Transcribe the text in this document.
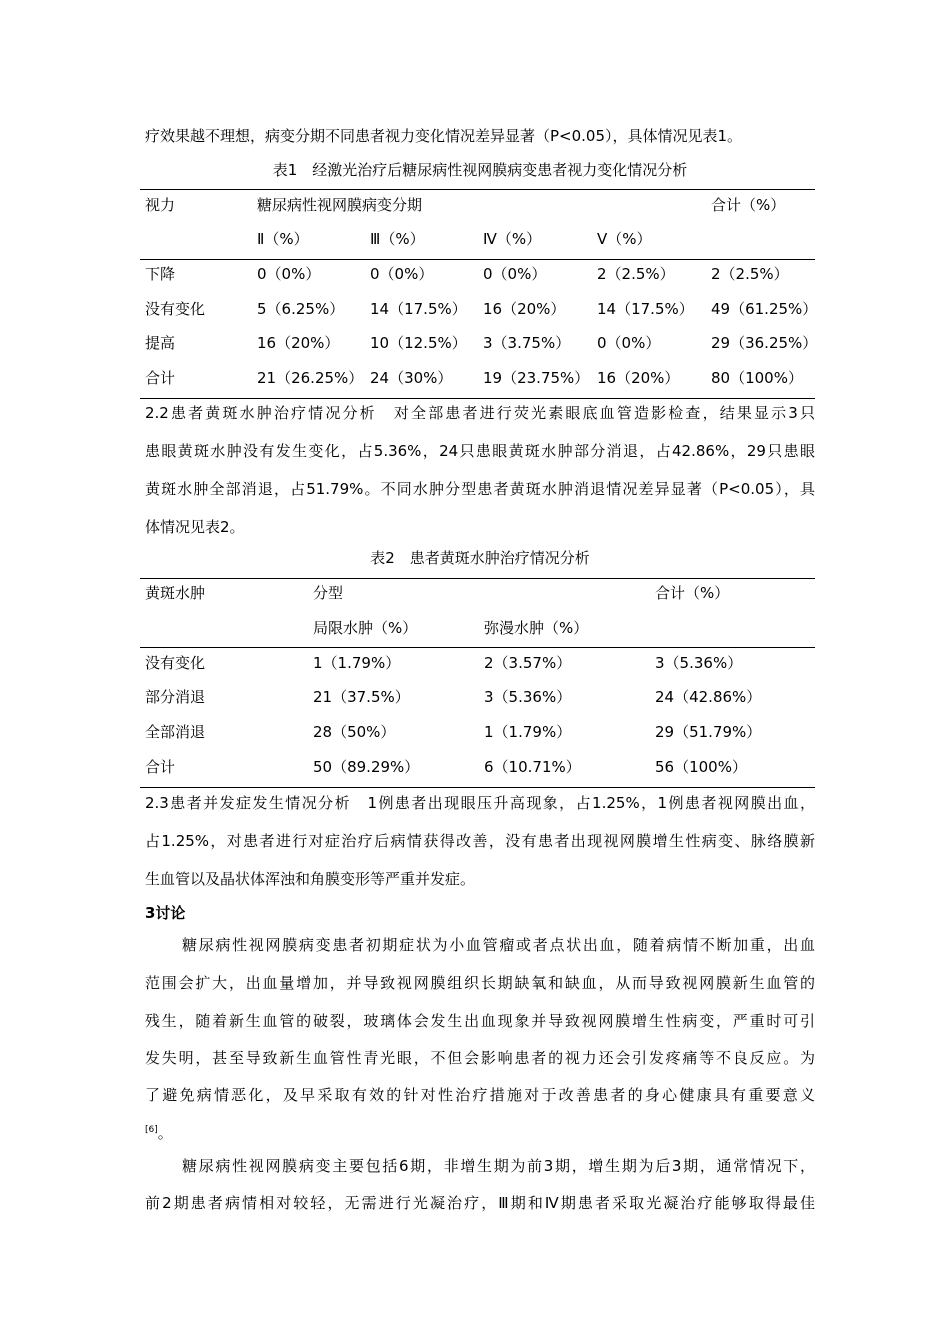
疗效果越不理想，病变分期不同患者视力变化情况差异显著（P<0.05），具体情况见表1。
表1　经激光治疗后糖尿病性视网膜病变患者视力变化情况分析
视力	糖尿病性视网膜病变分期	合计（%）
Ⅱ（%）	Ⅲ（%）	Ⅳ（%）	Ⅴ（%）
下降	0（0%）	0（0%）	0（0%）	2（2.5%） 2（2.5%）
没有变化	5（6.25%） 14（17.5%） 16（20%） 14（17.5%） 49（61.25%）
提高	16（20%） 10（12.5%） 3（3.75%） 0（0%）	29（36.25%）
合计	21（26.25%） 24（30%） 19（23.75%） 16（20%） 80（100%）
2.2患者黄斑水肿治疗情况分析　对全部患者进行荧光素眼底血管造影检查，结果显示3只
患眼黄斑水肿没有发生变化，占5.36%，24只患眼黄斑水肿部分消退，占42.86%，29只患眼
黄斑水肿全部消退，占51.79%。不同水肿分型患者黄斑水肿消退情况差异显著（P<0.05），具
体情况见表2。
表2　患者黄斑水肿治疗情况分析
黄斑水肿	分型	合计（%）
局限水肿（%）	弥漫水肿（%）
没有变化	1（1.79%）	2（3.57%）	3（5.36%）
部分消退	21（37.5%）	3（5.36%）	24（42.86%）
全部消退	28（50%）	1（1.79%）	29（51.79%）
合计	50（89.29%）	6（10.71%）	56（100%）
2.3患者并发症发生情况分析　1例患者出现眼压升高现象，占1.25%，1例患者视网膜出血，
占1.25%，对患者进行对症治疗后病情获得改善，没有患者出现视网膜增生性病变、脉络膜新
生血管以及晶状体浑浊和角膜变形等严重并发症。
3讨论
糖尿病性视网膜病变患者初期症状为小血管瘤或者点状出血，随着病情不断加重，出血
范围会扩大，出血量增加，并导致视网膜组织长期缺氧和缺血，从而导致视网膜新生血管的
残生，随着新生血管的破裂，玻璃体会发生出血现象并导致视网膜增生性病变，严重时可引
发失明，甚至导致新生血管性青光眼，不但会影响患者的视力还会引发疼痛等不良反应。为
了避免病情恶化，及早采取有效的针对性治疗措施对于改善患者的身心健康具有重要意义
[6]。
糖尿病性视网膜病变主要包括6期，非增生期为前3期，增生期为后3期，通常情况下，
前2期患者病情相对较轻，无需进行光凝治疗，Ⅲ期和Ⅳ期患者采取光凝治疗能够取得最佳
